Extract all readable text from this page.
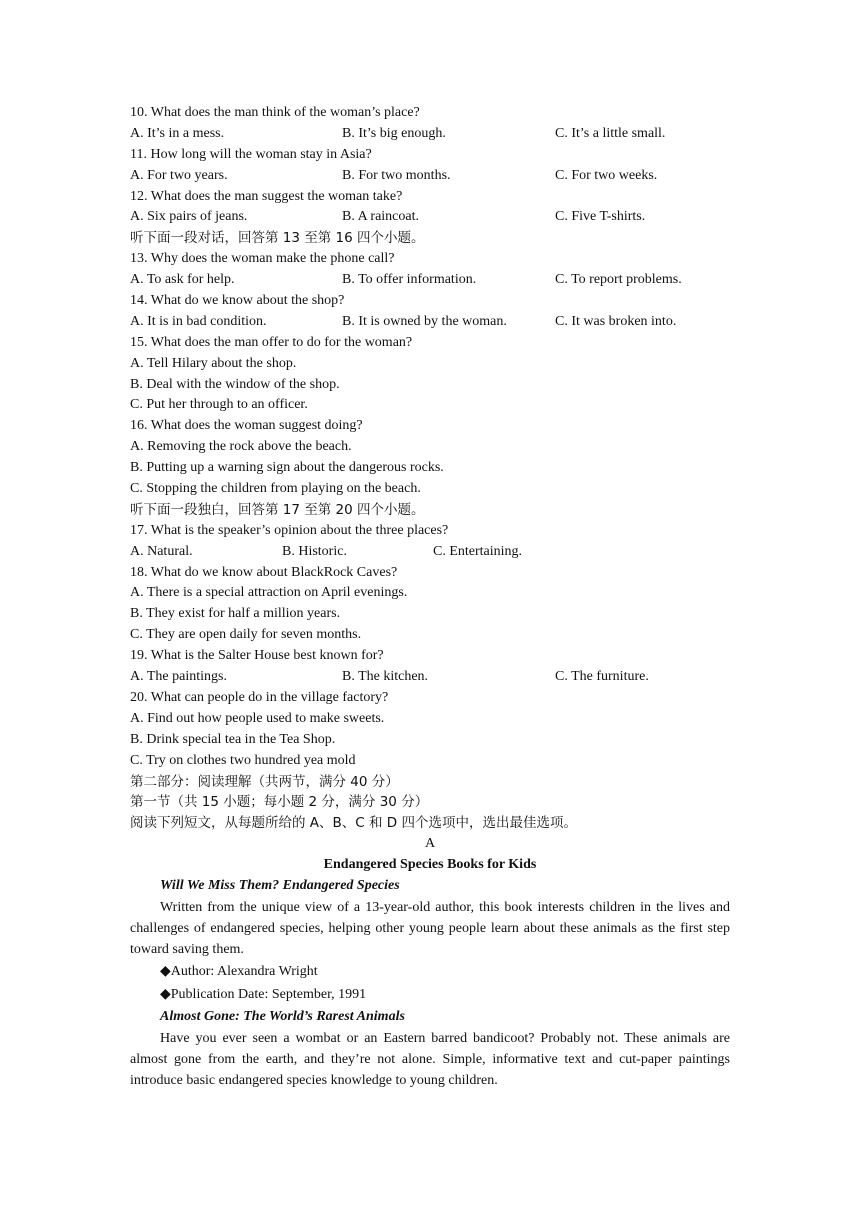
10. What does the man think of the woman’s place?
A. It’s in a mess.	B. It’s big enough.	C. It’s a little small.
11. How long will the woman stay in Asia?
A. For two years.	B. For two months.	C. For two weeks.
12. What does the man suggest the woman take?
A. Six pairs of jeans.	B. A raincoat.	C. Five T-shirts.
听下面一段对话，回答第 13 至第 16 四个小题。
13. Why does the woman make the phone call?
A. To ask for help.	B. To offer information.	C. To report problems.
14. What do we know about the shop?
A. It is in bad condition.	B. It is owned by the woman.	C. It was broken into.
15. What does the man offer to do for the woman?
A. Tell Hilary about the shop.
B. Deal with the window of the shop.
C. Put her through to an officer.
16. What does the woman suggest doing?
A. Removing the rock above the beach.
B. Putting up a warning sign about the dangerous rocks.
C. Stopping the children from playing on the beach.
听下面一段独白，回答第 17 至第 20 四个小题。
17. What is the speaker’s opinion about the three places?
A. Natural.	B. Historic.	C. Entertaining.
18. What do we know about BlackRock Caves?
A. There is a special attraction on April evenings.
B. They exist for half a million years.
C. They are open daily for seven months.
19. What is the Salter House best known for?
A. The paintings.	B. The kitchen.	C. The furniture.
20. What can people do in the village factory?
A. Find out how people used to make sweets.
B. Drink special tea in the Tea Shop.
C. Try on clothes two hundred yea mold
第二部分：阅读理解（共两节，满分 40 分）
第一节（共 15 小题；每小题 2 分，满分 30 分）
阅读下列短文，从每题所给的 A、B、C 和 D 四个选项中，选出最佳选项。
A
Endangered Species Books for Kids
Will We Miss Them? Endangered Species

Written from the unique view of a 13-year-old author, this book interests children in the lives and challenges of endangered species, helping other young people learn about these animals as the first step toward saving them.

◆Author: Alexandra Wright
◆Publication Date: September, 1991
Almost Gone: The World’s Rarest Animals

Have you ever seen a wombat or an Eastern barred bandicoot? Probably not. These animals are almost gone from the earth, and they’re not alone. Simple, informative text and cut-paper paintings introduce basic endangered species knowledge to young children.
